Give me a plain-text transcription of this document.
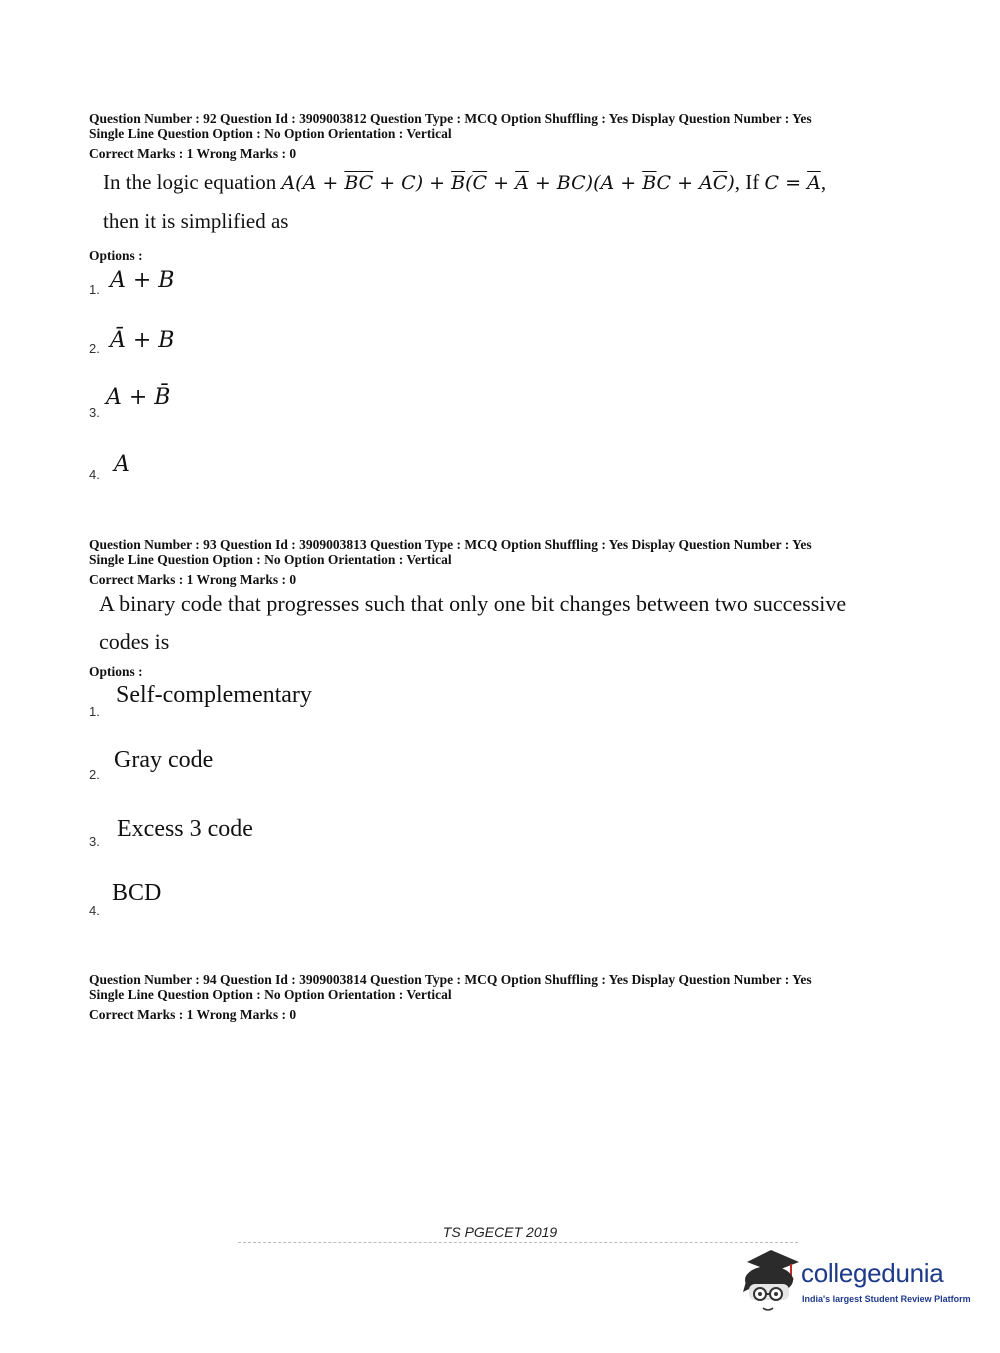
Question Number : 92 Question Id : 3909003812 Question Type : MCQ Option Shuffling : Yes Display Question Number : Yes

Single Line Question Option : No Option Orientation : Vertical

Correct Marks : 1 Wrong Marks : 0
In the logic equation $A(A + \overline{B}\overline{C} + C) + \overline{B}(\overline{C} + \overline{A} + BC)(A + \overline{B}C + A\overline{C})$, If $C = \overline{A}$,
then it is simplified as
Options :
1. A + B
2. Ā + B
3.
A + B̄
4. A

Question Number : 93 Question Id : 3909003813 Question Type : MCQ Option Shuffling : Yes Display Question Number : Yes

Single Line Question Option : No Option Orientation : Vertical

Correct Marks : 1 Wrong Marks : 0
A binary code that progresses such that only one bit changes between two successive
codes is
Options :
1.
Self-complementary
2.
Gray code
3. Excess 3 code
4.
BCD

Question Number : 94 Question Id : 3909003814 Question Type : MCQ Option Shuffling : Yes Display Question Number : Yes

Single Line Question Option : No Option Orientation : Vertical

Correct Marks : 1 Wrong Marks : 0
TS PGECET 2019
collegedunia
India's largest Student Review Platform
